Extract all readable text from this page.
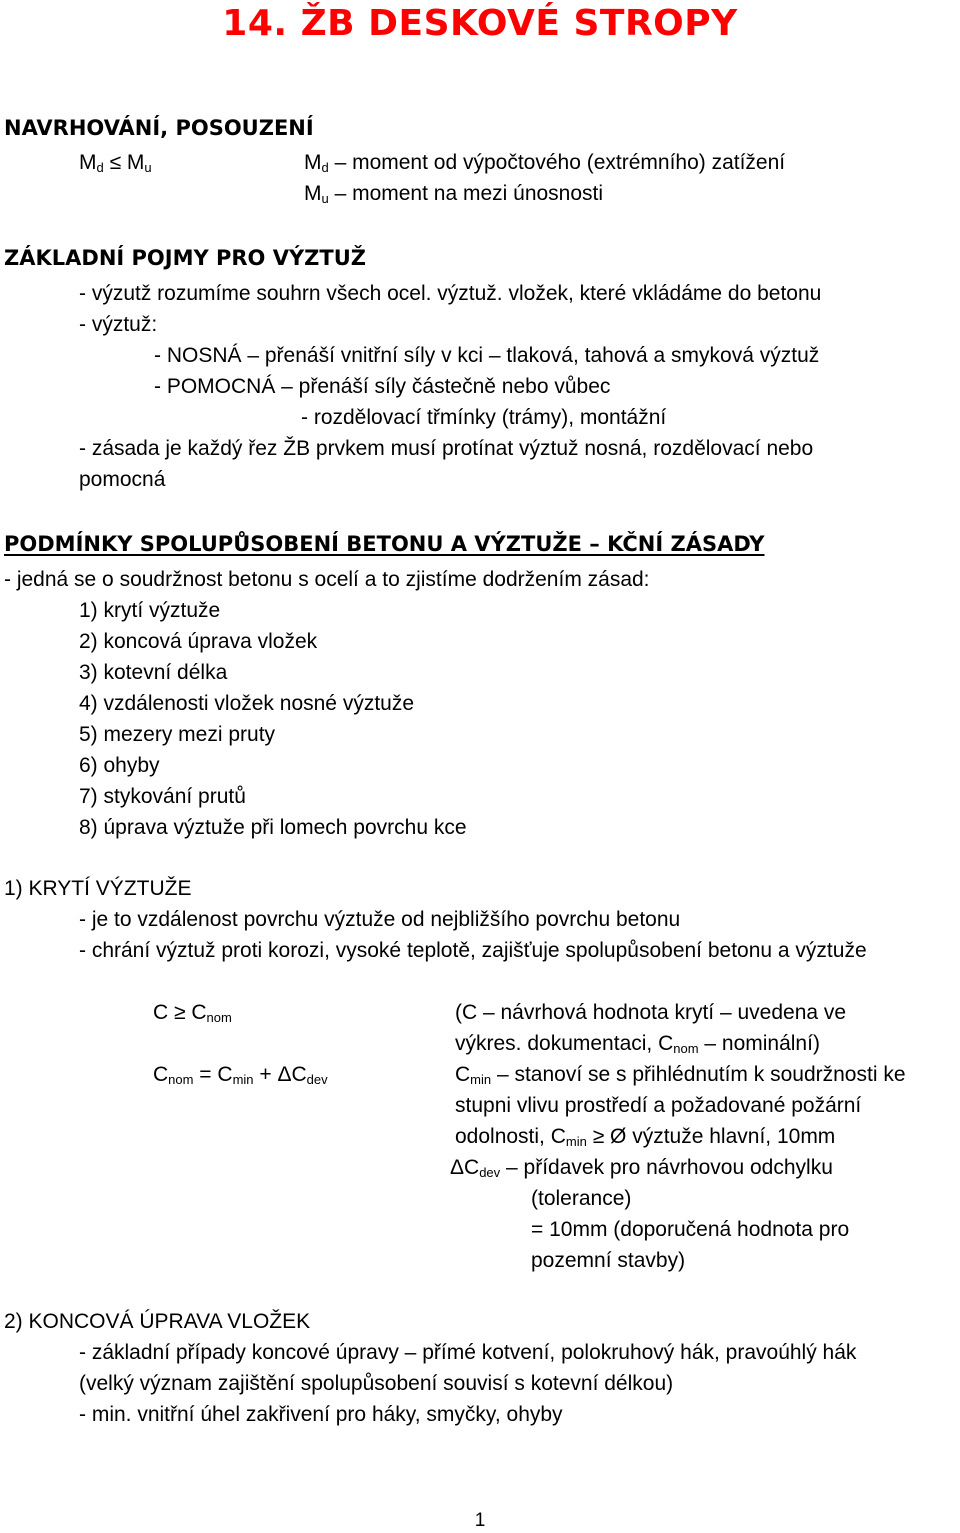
14. ŽB DESKOVÉ STROPY
NAVRHOVÁNÍ, POSOUZENÍ
$M_d \le M_u$	$M_d$ – moment od výpočtového (extrémního) zatížení
$M_u$ – moment na mezi únosnosti
ZÁKLADNÍ POJMY PRO VÝZTUŽ
- výzutž rozumíme souhrn všech ocel. výztuž. vložek, které vkládáme do betonu
- výztuž:
- NOSNÁ – přenáší vnitřní síly v kci – tlaková, tahová a smyková výztuž
- POMOCNÁ – přenáší síly částečně nebo vůbec
- rozdělovací třmínky (trámy), montážní
- zásada je každý řez ŽB prvkem musí protínat výztuž nosná, rozdělovací nebo
pomocná
PODMÍNKY SPOLUPŮSOBENÍ BETONU A VÝZTUŽE – KČNÍ ZÁSADY
- jedná se o soudržnost betonu s ocelí a to zjistíme dodržením zásad:
1) krytí výztuže
2) koncová úprava vložek
3) kotevní délka
4) vzdálenosti vložek nosné výztuže
5) mezery mezi pruty
6) ohyby
7) stykování prutů
8) úprava výztuže při lomech povrchu kce
1) KRYTÍ VÝZTUŽE
- je to vzdálenost povrchu výztuže od nejbližšího povrchu betonu
- chrání výztuž proti korozi, vysoké teplotě, zajišťuje spolupůsobení betonu a výztuže
$C \ge C_{nom}$
$C_{nom} = C_{min} + \Delta C_{dev}$
(C – návrhová hodnota krytí – uvedena ve
výkres. dokumentaci, $C_{nom}$ – nominální)
$C_{min}$ – stanoví se s přihlédnutím k soudržnosti ke
stupni vlivu prostředí a požadované požární
odolnosti, $C_{min}$ ≥ Ø výztuže hlavní, 10mm
$\Delta C_{dev}$ – přídavek pro návrhovou odchylku
(tolerance)
= 10mm (doporučená hodnota pro
pozemní stavby)
2) KONCOVÁ ÚPRAVA VLOŽEK
- základní případy koncové úpravy – přímé kotvení, polokruhový hák, pravoúhlý hák
(velký význam zajištění spolupůsobení souvisí s kotevní délkou)
- min. vnitřní úhel zakřivení pro háky, smyčky, ohyby
1
